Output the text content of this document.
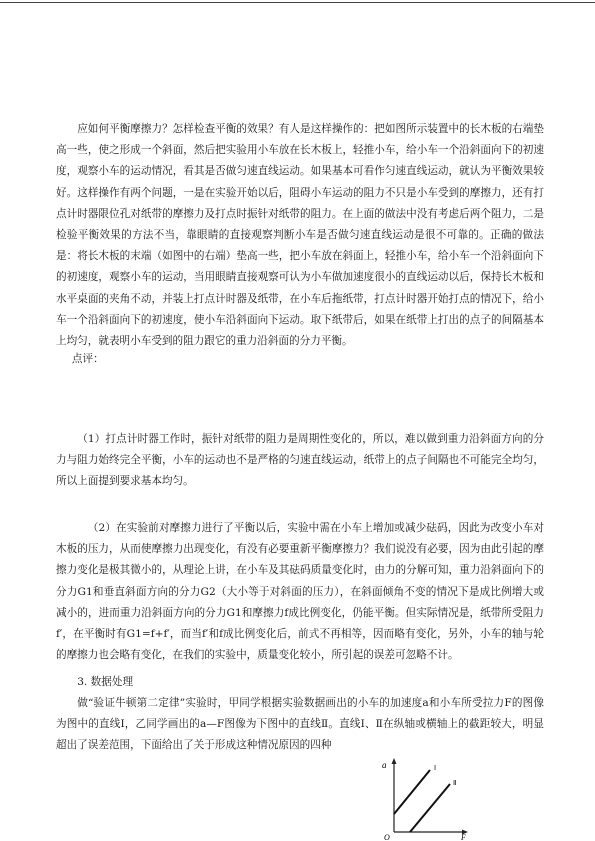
应如何平衡摩擦力？怎样检查平衡的效果？有人是这样操作的：把如图所示装置中的长木板的右端垫高一些，使之形成一个斜面，然后把实验用小车放在长木板上，轻推小车，给小车一个沿斜面向下的初速度，观察小车的运动情况，看其是否做匀速直线运动。如果基本可看作匀速直线运动，就认为平衡效果较好。这样操作有两个问题，一是在实验开始以后，阻碍小车运动的阻力不只是小车受到的摩擦力，还有打点计时器限位孔对纸带的摩擦力及打点时振针对纸带的阻力。在上面的做法中没有考虑后两个阻力，二是检验平衡效果的方法不当，靠眼睛的直接观察判断小车是否做匀速直线运动是很不可靠的。正确的做法是：将长木板的末端（如图中的右端）垫高一些，把小车放在斜面上，轻推小车，给小车一个沿斜面向下的初速度，观察小车的运动，当用眼睛直接观察可认为小车做加速度很小的直线运动以后，保持长木板和水平桌面的夹角不动，并装上打点计时器及纸带，在小车后拖纸带，打点计时器开始打点的情况下，给小车一个沿斜面向下的初速度，使小车沿斜面向下运动。取下纸带后，如果在纸带上打出的点子的间隔基本上均匀，就表明小车受到的阻力跟它的重力沿斜面的分力平衡。

点评：

（1）打点计时器工作时，振针对纸带的阻力是周期性变化的，所以，难以做到重力沿斜面方向的分力与阻力始终完全平衡，小车的运动也不是严格的匀速直线运动，纸带上的点子间隔也不可能完全均匀，所以上面提到要求基本均匀。

（2）在实验前对摩擦力进行了平衡以后，实验中需在小车上增加或减少砝码，因此为改变小车对木板的压力，从而使摩擦力出现变化，有没有必要重新平衡摩擦力？我们说没有必要，因为由此引起的摩擦力变化是极其微小的，从理论上讲，在小车及其砝码质量变化时，由力的分解可知，重力沿斜面向下的分力G1和垂直斜面方向的分力G2（大小等于对斜面的压力），在斜面倾角不变的情况下是成比例增大或减小的，进而重力沿斜面方向的分力G1和摩擦力f成比例变化，仍能平衡。但实际情况是，纸带所受阻力f′，在平衡时有G1=f+f′，而当f′和f成比例变化后，前式不再相等，因而略有变化，另外，小车的轴与轮的摩擦力也会略有变化，在我们的实验中，质量变化较小，所引起的误差可忽略不计。

3. 数据处理

做“验证牛顿第二定律”实验时，甲同学根据实验数据画出的小车的加速度a和小车所受拉力F的图像为图中的直线Ⅰ，乙同学画出的a—F图像为下图中的直线Ⅱ。直线Ⅰ、Ⅱ在纵轴或横轴上的截距较大，明显超出了误差范围，下面给出了关于形成这种情况原因的四种

a
F
O
Ⅰ
Ⅱ
